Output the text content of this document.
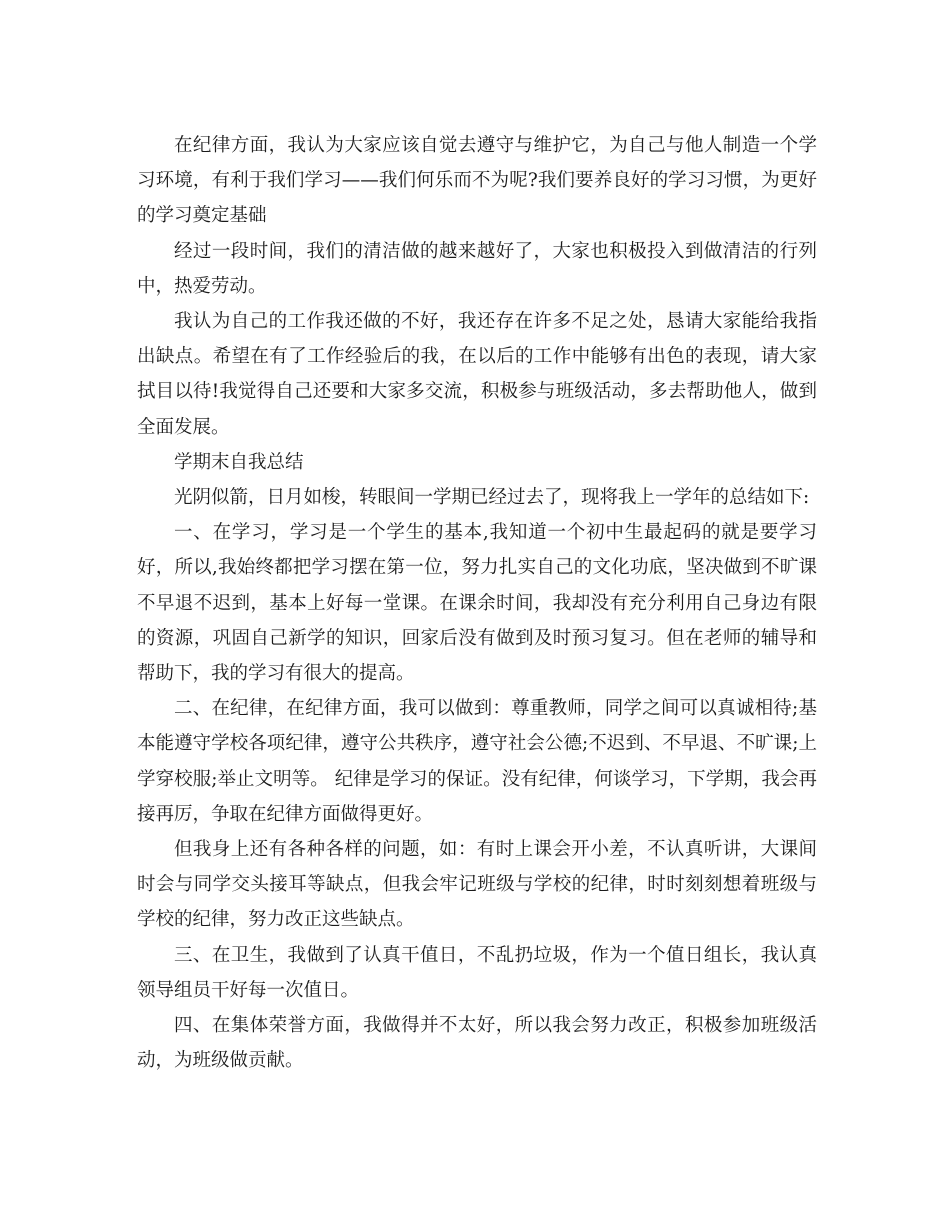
在纪律方面，我认为大家应该自觉去遵守与维护它，为自己与他人制造一个学习环境，有利于我们学习——我们何乐而不为呢?我们要养良好的学习习惯，为更好的学习奠定基础

经过一段时间，我们的清洁做的越来越好了，大家也积极投入到做清洁的行列中，热爱劳动。

我认为自己的工作我还做的不好，我还存在许多不足之处，恳请大家能给我指出缺点。希望在有了工作经验后的我，在以后的工作中能够有出色的表现，请大家拭目以待!我觉得自己还要和大家多交流，积极参与班级活动，多去帮助他人，做到全面发展。

学期末自我总结

光阴似箭，日月如梭，转眼间一学期已经过去了，现将我上一学年的总结如下:

一、在学习，学习是一个学生的基本,我知道一个初中生最起码的就是要学习好，所以,我始终都把学习摆在第一位，努力扎实自己的文化功底，坚决做到不旷课不早退不迟到，基本上好每一堂课。在课余时间，我却没有充分利用自己身边有限的资源，巩固自己新学的知识，回家后没有做到及时预习复习。但在老师的辅导和帮助下，我的学习有很大的提高。

二、在纪律，在纪律方面，我可以做到：尊重教师，同学之间可以真诚相待;基本能遵守学校各项纪律，遵守公共秩序，遵守社会公德;不迟到、不早退、不旷课;上学穿校服;举止文明等。 纪律是学习的保证。没有纪律，何谈学习，下学期，我会再接再厉，争取在纪律方面做得更好。

但我身上还有各种各样的问题，如：有时上课会开小差，不认真听讲，大课间时会与同学交头接耳等缺点，但我会牢记班级与学校的纪律，时时刻刻想着班级与学校的纪律，努力改正这些缺点。

三、在卫生，我做到了认真干值日，不乱扔垃圾，作为一个值日组长，我认真领导组员干好每一次值日。

四、在集体荣誉方面，我做得并不太好，所以我会努力改正，积极参加班级活动，为班级做贡献。
